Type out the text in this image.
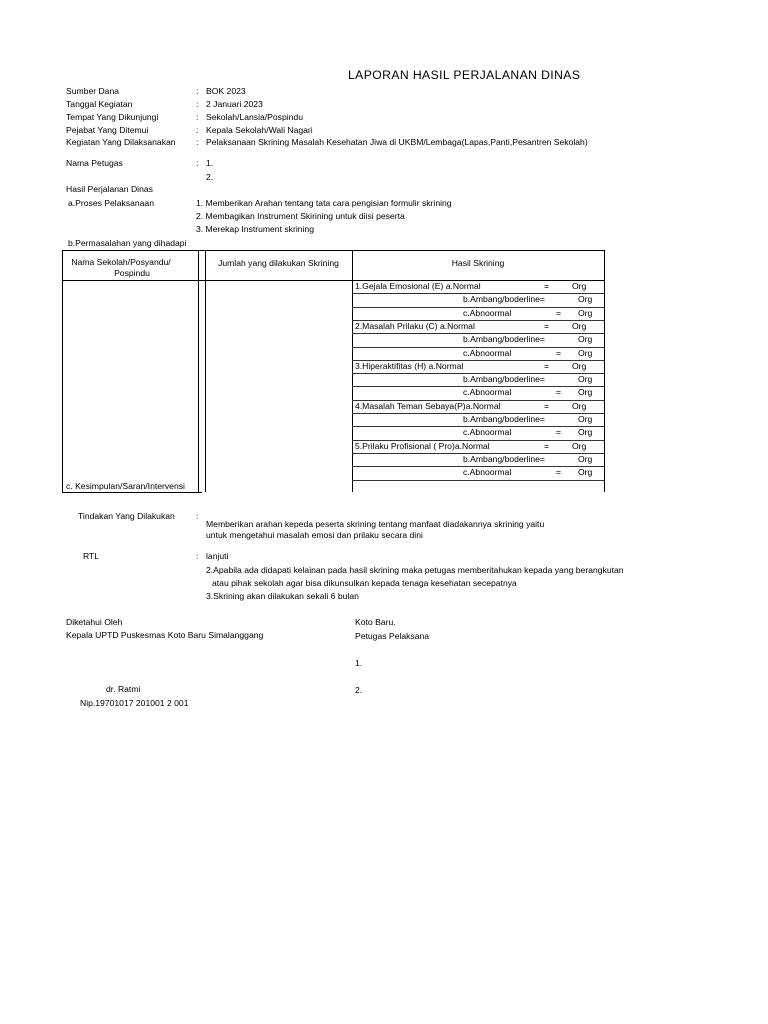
LAPORAN HASIL PERJALANAN DINAS
Sumber Dana	: BOK 2023
Tanggal Kegiatan	: 2 Januari 2023
Tempat Yang Dikunjungi	: Sekolah/Lansia/Pospindu
Pejabat Yang Ditemui	: Kepala Sekolah/Wali Nagari
Kegiatan Yang Dilaksanakan : Pelaksanaan Skrining Masalah Kesehatan Jiwa di UKBM/Lembaga(Lapas,Panti,Pesantren Sekolah)
Nama Petugas	: 1.
2.
Hasil Perjalanan Dinas
a.Proses Pelaksanaan	1. Memberikan Arahan tentang tata cara pengisian formulir skrining
2. Membagikan Instrument Skirining untuk diisi peserta
3. Merekap Instrument skrining
b.Permasalahan yang dihadapi
Nama Sekolah/Posyandu/
Pospindu
Jumlah yang dilakukan Skrining	Hasil Skrining
1.Gejala Emosional (E) a.Normal	=	Org
b.Ambang/boderline=	Org
c.Abnoormal	= Org
2.Masalah Prilaku (C) a.Normal	=	Org
b.Ambang/boderline=	Org
c.Abnoormal	= Org
3.Hiperaktifitas (H) a.Normal	=	Org
b.Ambang/boderline=	Org
c.Abnoormal	= Org
4.Masalah Teman Sebaya(P)a.Normal	=	Org
b.Ambang/boderline=	Org
c.Abnoormal	= Org
5.Prilaku Profisional ( Pro)a.Normal	=	Org
b.Ambang/boderline=	Org
c.Abnoormal	= Org
c. Kesimpulan/Saran/Intervensi
Tindakan Yang Dilakukan :
Memberikan arahan kepeda peserta skrining tentang manfaat diadakannya skrining yaitu
untuk mengetahui masalah emosi dan prilaku secara dini
RTL	: lanjuti
2.Apabila ada didapati kelainan pada hasil skrining maka petugas memberitahukan kepada yang berangkutan
atau pihak sekolah agar bisa dikunsulkan kepada tenaga kesehatan secepatnya
3.Skrining akan dilakukan sekali 6 bulan
Diketahui Oleh
Kepala UPTD Puskesmas Koto Baru Simalanggang
dr. Ratmi
Nip.19701017 201001 2 001
Koto Baru.
Petugas Pelaksana
1.
2.
